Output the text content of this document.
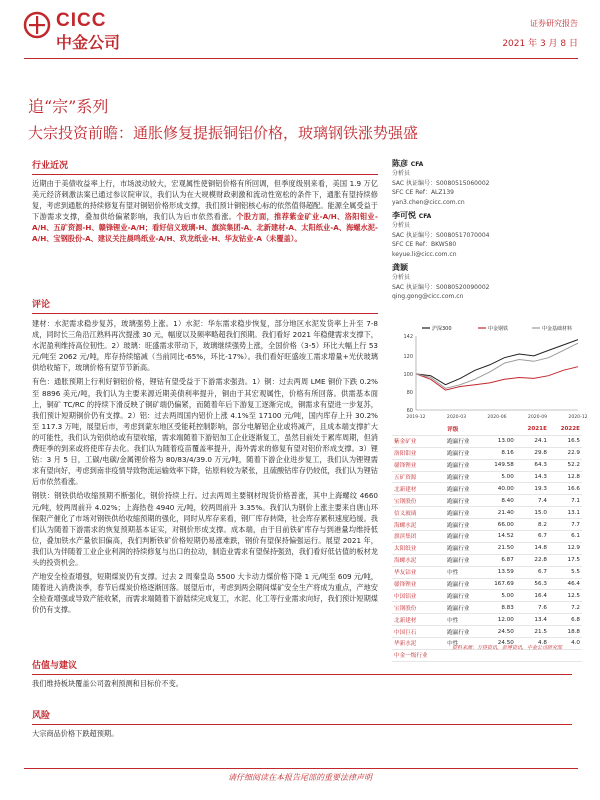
CICC
中金公司
证券研究报告
2021 年 3 月 8 日
追“宗”系列
大宗投资前瞻：通胀修复提振铜铝价格，玻璃钢铁涨势强盛
行业近况
近期由于美债收益率上行，市场波动较大，宏观属性使铜铝价格有所回调，但季度级别来看，美国 1.9 万亿美元经济刺激法案已通过参议院审议，我们认为在大规模财政刺激和流动性宽松的条件下，通胀有望持续修复，考虑到通胀的持续修复有望对铜铝价格形成支撑，我们预计铜铝核心标的依然值得超配。能源全属受益于下游需求支撑，叠加供给偏紧影响，我们认为后市依然看涨。个股方面，推荐紫金矿业-A/H、洛阳钼业-A/H、五矿资源-H、赣锋锂业-A/H；看好信义玻璃-H、旗滨集团-A、北新建材-A、太阳纸业-A、海螺水泥-A/H、宝钢股份-A、建议关注晨鸣纸业-A/H、玖龙纸业-H、华友钴业-A（未覆盖）。
评论
建材：水泥需求稳步复苏，玻璃强势上涨。1）水泥：华东需求稳步恢复，部分地区水泥发货率上升至 7-8 成，同时长三角沿江熟料再次提涨 30 元，幅度以及频率略超我们预期。我们看好 2021 年稳健需求支撑下，水泥盈利维持高位韧性。2）玻璃：旺盛需求带动下，玻璃继续强势上涨，全国价格（3-5）环比大幅上行 53 元/吨至 2062 元/吨，库存持续缩减（当前同比-65%，环比-17%）。我们看好旺盛竣工需求增量+光伏玻璃供给收缩下，玻璃价格有望节节新高。
有色：通胀预期上行利好铜铝价格，锂钴有望受益于下游需求强劲。1）铜：过去两周 LME 铜价下跌 0.2%至 8896 美元/吨，我们认为主要来源近期美债利率提升，铜由于其宏观属性，价格有所回落。供需基本面上，铜矿 TC/RC 的持续下滑反映了铜矿端仍偏紧，而随着年后下游复工逐渐完成，铜需求有望进一步复苏，我们预计短期铜价仍有支撑。2）铝：过去两周国内铝价上涨 4.1%至 17100 元/吨，国内库存上升 30.2%至 117.3 万吨，展望后市，考虑到蒙东地区受能耗控制影响，部分电解铝企业或将减产，且成本端支撑扩大的可能性，我们认为铝供给或有望收缩，需求端随着下游铝加工企业逐渐复工，虽然目前处于累库周期，但消费旺季的到来或将使库存去化。我们认为随着疫苗覆盖率提升，海外需求的修复有望对铝价形成支撑。3）锂钴：3 月 5 日，工碳/电碳/金属锂价格为 80/83/4/39.0 万元/吨，随着下游企业进步复工，我们认为锂锂需求有望向好，考虑到南非疫情导致物流运输效率下降，钴原料较为紧张，且硫酸钴库存仍较低，我们认为锂钴后市依然看涨。
钢铁：钢铁供给收缩预期不断强化，钢价持续上行。过去两周主要钢材现货价格普涨，其中上海螺纹 4660 元/吨，较两周前升 4.02%；上海热卷 4940 元/吨，较两周前升 3.35%。我们认为钢价上涨主要来自唐山环保限产催化了市场对钢铁供给收缩预期的强化，同时从库存来看，钢厂库存转降，社会库存累积速度趋缓。我们认为随着下游需求的恢复预期基本证实，对钢价形成支撑。成本端，由于目前铁矿库存与到港量均维持低位，叠加铁水产量依旧偏高，我们判断铁矿价格短期仍易涨难跌，钢价有望保持偏强运行。展望 2021 年，我们认为伴随着工业企业利润的持续修复与出口的拉动，制造业需求有望保持强劲，我们看好低估值的板材龙头的投资机会。
产地安全检查增强，短期煤炭仍有支撑。过去 2 周秦皇岛 5500 大卡动力煤价格下降 1 元/吨至 609 元/吨，随着进入消费淡季，春节后煤炭价格逐渐回落。展望后市，考虑到两会期间煤矿安全生产将成为重点，产地安全检查增强或导致产能收紧，而需求端随着下游陆续完成复工，水泥、化工等行业需求向好，我们预计短期煤价仍有支撑。
估值与建议
我们维持板块覆盖公司盈利预测和目标价不变。
风险
大宗商品价格下跌超预期。
陈彦 CFA
分析员
SAC 执证编号：S0080515060002
SFC CE Ref：ALZ139
yan3.chen@cicc.com.cn
李可悦 CFA
分析员
SAC 执证编号：S0080517070004
SFC CE Ref：BKW580
keyue.li@cicc.com.cn
龚颖
分析员
SAC 执证编号：S0080520090002
qing.gong@cicc.com.cn
沪深300	中金钢铁	中金基础材料
60
80
100
120
142
2019-12	2020-03	2020-06	2020-09	2020-12
	评级		2021E	2022E
紫金矿业	跑赢行业	13.00	24.1	16.5
洛阳钼业	跑赢行业	8.16	29.8	22.9
赣锋锂业	跑赢行业	149.58	64.3	52.2
五矿资源	跑赢行业	5.00	14.3	12.8
北新建材	跑赢行业	40.00	19.3	16.6
宝钢股份	跑赢行业	8.40	7.4	7.1
信义玻璃	跑赢行业	21.40	15.0	13.1
海螺水泥	跑赢行业	66.00	8.2	7.7
旗滨集团	跑赢行业	14.52	6.7	6.1
太阳纸业	跑赢行业	21.50	14.8	12.9
海螺水泥	跑赢行业	6.87	22.8	17.5
华友钴业	中性	13.59	6.7	5.5
赣锋锂业	跑赢行业	167.69	56.3	46.4
中国铝业	跑赢行业	5.00	16.4	12.5
宝钢股份	跑赢行业	8.83	7.6	7.2
北新建材	中性	12.00	13.4	6.8
中国巨石	跑赢行业	24.50	21.5	18.8
华新水泥	中性	24.50	4.8	4.0
中金一级行业				
资料来源：万得资讯，彭博资讯，中金公司研究部
请仔细阅读在本报告尾部的重要法律声明
